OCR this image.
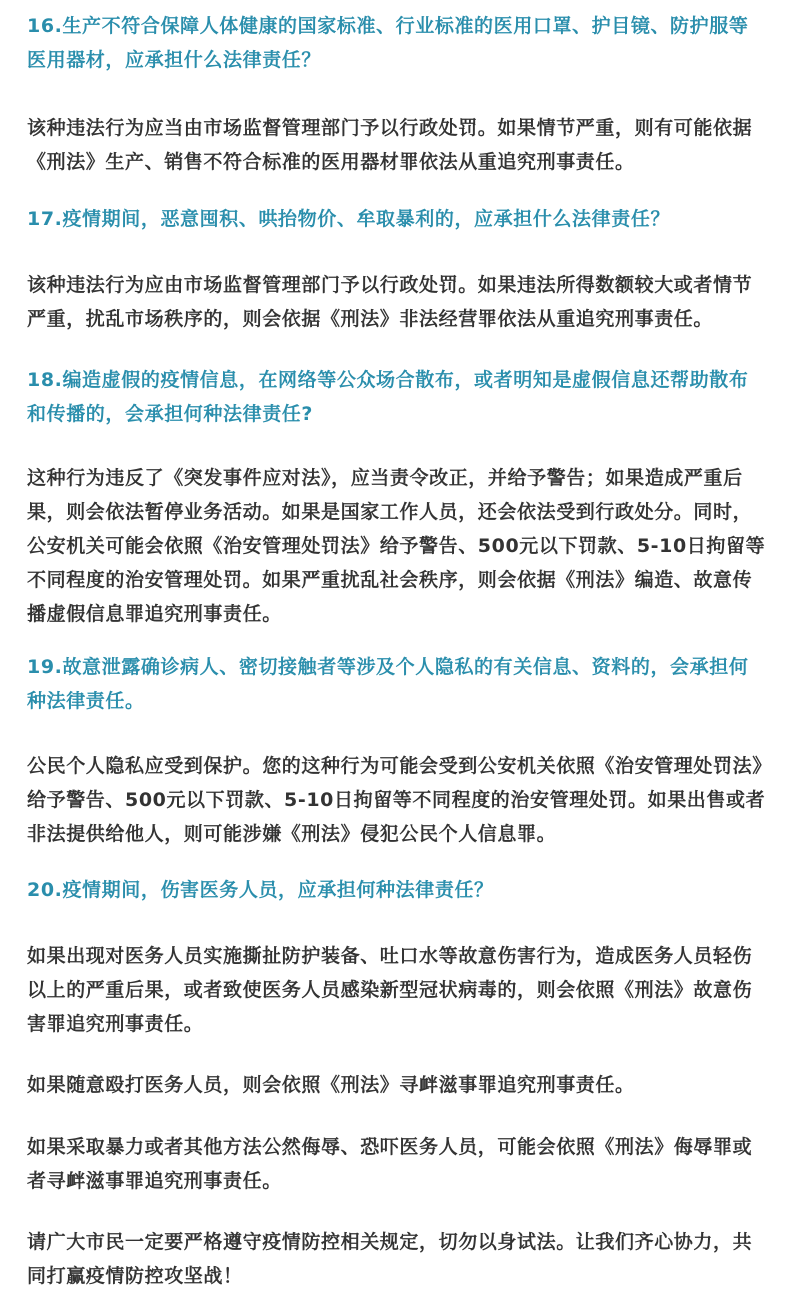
16.生产不符合保障人体健康的国家标准、行业标准的医用口罩、护目镜、防护服等医用器材，应承担什么法律责任？

该种违法行为应当由市场监督管理部门予以行政处罚。如果情节严重，则有可能依据《刑法》生产、销售不符合标准的医用器材罪依法从重追究刑事责任。

17.疫情期间，恶意囤积、哄抬物价、牟取暴利的，应承担什么法律责任？

该种违法行为应由市场监督管理部门予以行政处罚。如果违法所得数额较大或者情节严重，扰乱市场秩序的，则会依据《刑法》非法经营罪依法从重追究刑事责任。

18.编造虚假的疫情信息，在网络等公众场合散布，或者明知是虚假信息还帮助散布和传播的，会承担何种法律责任?

这种行为违反了《突发事件应对法》，应当责令改正，并给予警告；如果造成严重后果，则会依法暂停业务活动。如果是国家工作人员，还会依法受到行政处分。同时，公安机关可能会依照《治安管理处罚法》给予警告、500元以下罚款、5-10日拘留等不同程度的治安管理处罚。如果严重扰乱社会秩序，则会依据《刑法》编造、故意传播虚假信息罪追究刑事责任。

19.故意泄露确诊病人、密切接触者等涉及个人隐私的有关信息、资料的，会承担何种法律责任。

公民个人隐私应受到保护。您的这种行为可能会受到公安机关依照《治安管理处罚法》给予警告、500元以下罚款、5-10日拘留等不同程度的治安管理处罚。如果出售或者非法提供给他人，则可能涉嫌《刑法》侵犯公民个人信息罪。

20.疫情期间，伤害医务人员，应承担何种法律责任？

如果出现对医务人员实施撕扯防护装备、吐口水等故意伤害行为，造成医务人员轻伤以上的严重后果，或者致使医务人员感染新型冠状病毒的，则会依照《刑法》故意伤害罪追究刑事责任。

如果随意殴打医务人员，则会依照《刑法》寻衅滋事罪追究刑事责任。

如果采取暴力或者其他方法公然侮辱、恐吓医务人员，可能会依照《刑法》侮辱罪或者寻衅滋事罪追究刑事责任。

请广大市民一定要严格遵守疫情防控相关规定，切勿以身试法。让我们齐心协力，共同打赢疫情防控攻坚战！
